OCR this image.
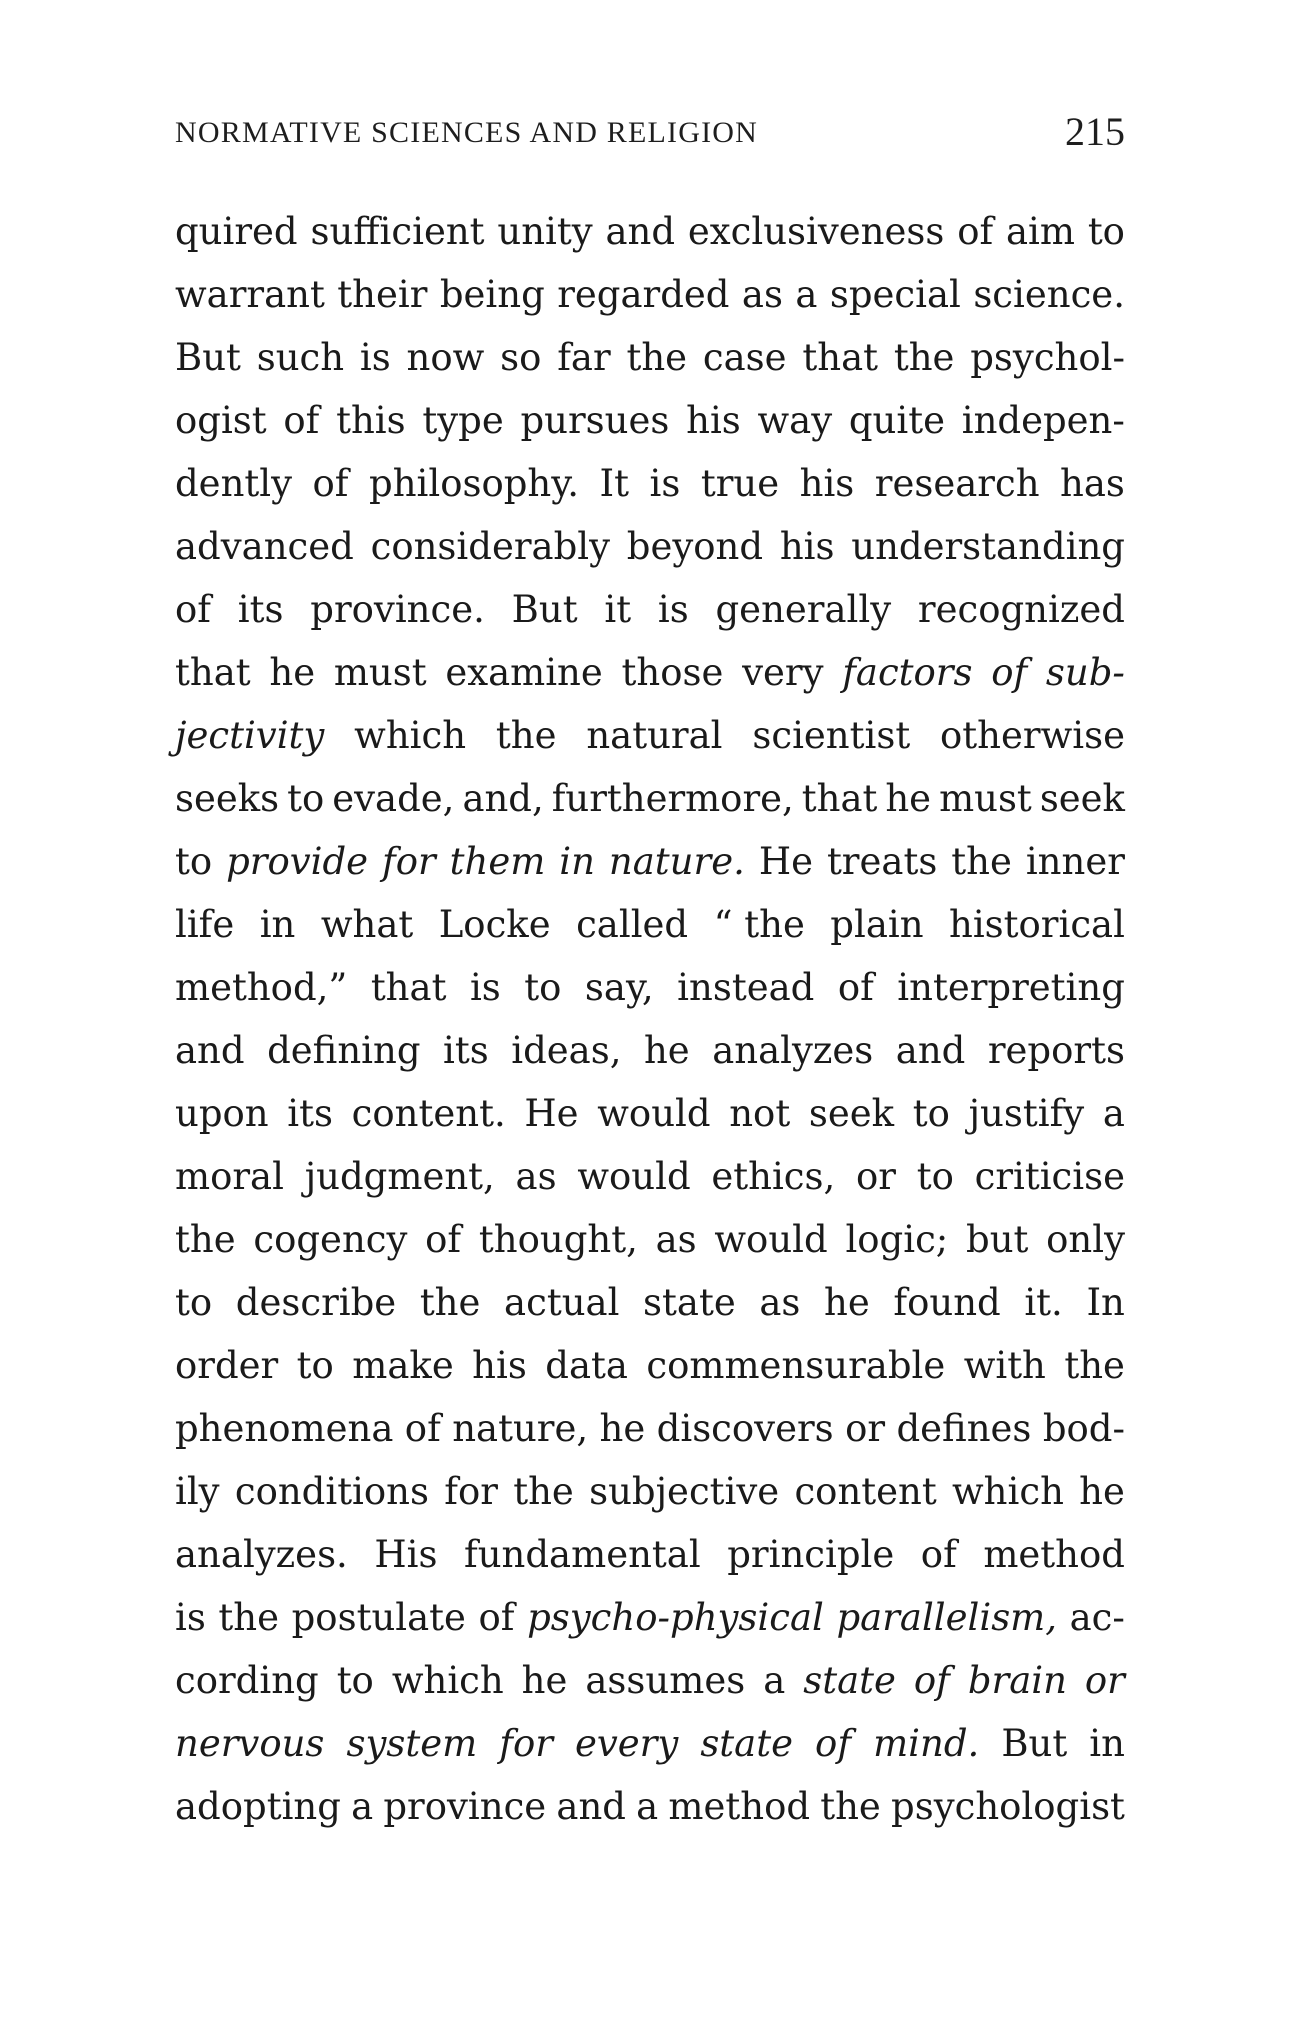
NORMATIVE SCIENCES AND RELIGION	215
quired sufficient unity and exclusiveness of aim to
warrant their being regarded as a special science.
But such is now so far the case that the psychol-
ogist of this type pursues his way quite indepen-
dently of philosophy. It is true his research has
advanced considerably beyond his understanding
of its province. But it is generally recognized
that he must examine those very factors of sub-
jectivity which the natural scientist otherwise
seeks to evade, and, furthermore, that he must seek
to provide for them in nature. He treats the inner
life in what Locke called “ the plain historical
method,” that is to say, instead of interpreting
and defining its ideas, he analyzes and reports
upon its content. He would not seek to justify a
moral judgment, as would ethics, or to criticise
the cogency of thought, as would logic; but only
to describe the actual state as he found it. In
order to make his data commensurable with the
phenomena of nature, he discovers or defines bod-
ily conditions for the subjective content which he
analyzes. His fundamental principle of method
is the postulate of psycho-physical parallelism, ac-
cording to which he assumes a state of brain or
nervous system for every state of mind. But in
adopting a province and a method the psychologist
